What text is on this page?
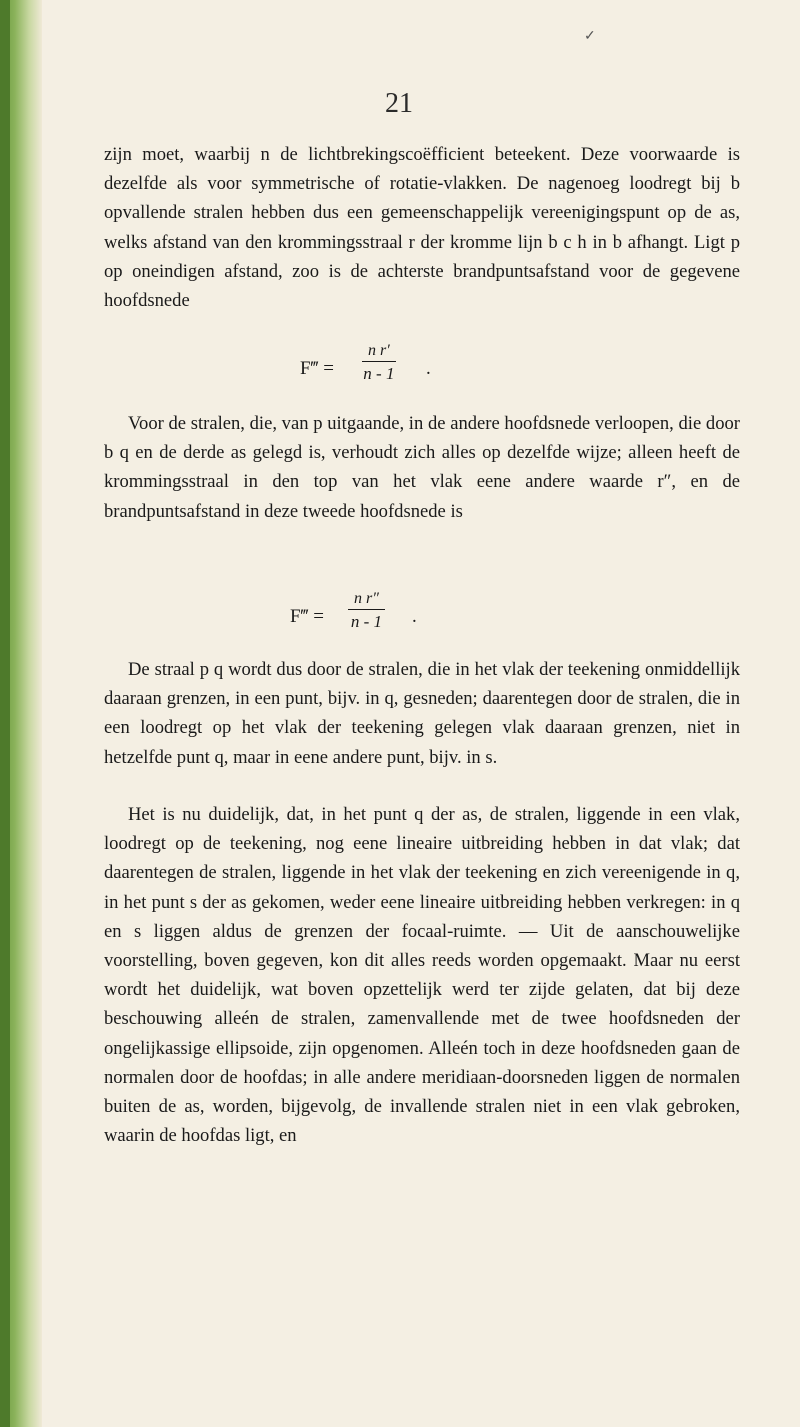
✓
21

zijn moet, waarbij n de lichtbrekingscoëfficient beteekent. Deze voorwaarde is dezelfde als voor symmetrische of rotatie-vlakken. De nagenoeg loodregt bij b opvallende stralen hebben dus een gemeenschappelijk vereenigingspunt op de as, welks afstand van den krommingsstraal r der kromme lijn b c h in b afhangt. Ligt p op oneindigen afstand, zoo is de achterste brandpuntsafstand voor de gegevene hoofdsnede

F‴ = $\frac{\text{n r′}}{n - 1}$ .

Voor de stralen, die, van p uitgaande, in de andere hoofdsnede verloopen, die door b q en de derde as gelegd is, verhoudt zich alles op dezelfde wijze; alleen heeft de krommingsstraal in den top van het vlak eene andere waarde r″, en de brandpuntsafstand in deze tweede hoofdsnede is

F‴ = $\frac{\text{n r″}}{n - 1}$ .

De straal p q wordt dus door de stralen, die in het vlak der teekening onmiddellijk daaraan grenzen, in een punt, bijv. in q, gesneden; daarentegen door de stralen, die in een loodregt op het vlak der teekening gelegen vlak daaraan grenzen, niet in hetzelfde punt q, maar in eene andere punt, bijv. in s.

Het is nu duidelijk, dat, in het punt q der as, de stralen, liggende in een vlak, loodregt op de teekening, nog eene lineaire uitbreiding hebben in dat vlak; dat daarentegen de stralen, liggende in het vlak der teekening en zich vereenigende in q, in het punt s der as gekomen, weder eene lineaire uitbreiding hebben verkregen: in q en s liggen aldus de grenzen der focaal-ruimte. — Uit de aanschouwelijke voorstelling, boven gegeven, kon dit alles reeds worden opgemaakt. Maar nu eerst wordt het duidelijk, wat boven opzettelijk werd ter zijde gelaten, dat bij deze beschouwing alleén de stralen, zamenvallende met de twee hoofdsneden der ongelijkassige ellipsoide, zijn opgenomen. Alleén toch in deze hoofdsneden gaan de normalen door de hoofdas; in alle andere meridiaan-doorsneden liggen de normalen buiten de as, worden, bijgevolg, de invallende stralen niet in een vlak gebroken, waarin de hoofdas ligt, en
